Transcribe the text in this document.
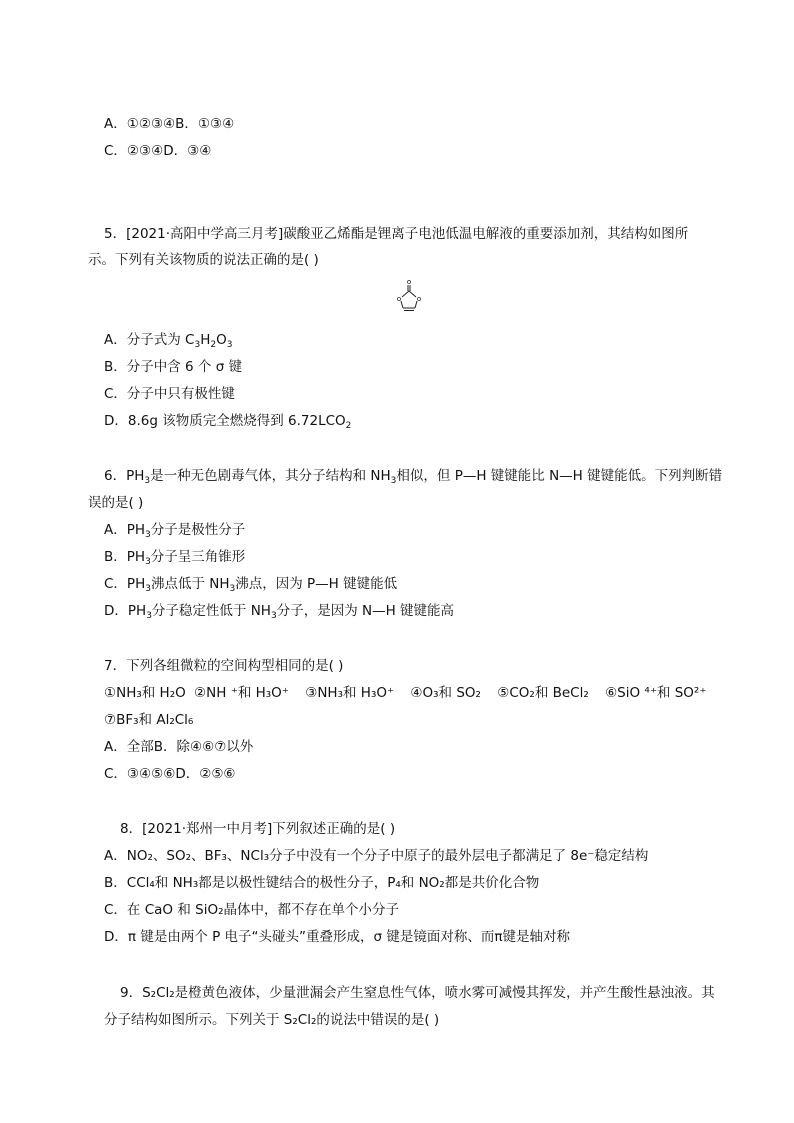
A．①②③④B．①③④
C．②③④D．③④
5．[2021·高阳中学高三月考]碳酸亚乙烯酯是锂离子电池低温电解液的重要添加剂，其结构如图所
示。下列有关该物质的说法正确的是( )
o
o o
A．分子式为 $C_3H_2O_3$
B．分子中含 6 个 σ 键
C．分子中只有极性键
D．8.6g 该物质完全燃烧得到 $6.72LCO_2$
6．$PH_3$是一种无色剧毒气体，其分子结构和 $NH_3$相似，但 P—H 键键能比 N—H 键键能低。下列判断错
误的是( )
A．$PH_3$分子是极性分子
B．$PH_3$分子呈三角锥形
C．$PH_3$沸点低于 $NH_3$沸点，因为 P—H 键键能低
D．$PH_3$分子稳定性低于 $NH_3$分子，是因为 N—H 键键能高
7．下列各组微粒的空间构型相同的是( )
①NH₃和 H₂O ②NH ⁺和 H₃O⁺ ③NH₃和 H₃O⁺ ④O₃和 SO₂ ⑤CO₂和 BeCl₂ ⑥SiO ⁴⁺和 SO²⁺
⑦BF₃和 Al₂Cl₆
A．全部B．除④⑥⑦以外
C．③④⑤⑥D．②⑤⑥
8．[2021·郑州一中月考]下列叙述正确的是( )
A．NO₂、SO₂、BF₃、NCl₃分子中没有一个分子中原子的最外层电子都满足了 8e⁻稳定结构
B．CCl₄和 NH₃都是以极性键结合的极性分子，P₄和 NO₂都是共价化合物
C．在 CaO 和 SiO₂晶体中，都不存在单个小分子
D．π 键是由两个 P 电子“头碰头”重叠形成，σ 键是镜面对称、而π键是轴对称
9．S₂Cl₂是橙黄色液体，少量泄漏会产生窒息性气体，喷水雾可减慢其挥发，并产生酸性悬浊液。其
分子结构如图所示。下列关于 S₂Cl₂的说法中错误的是( )
